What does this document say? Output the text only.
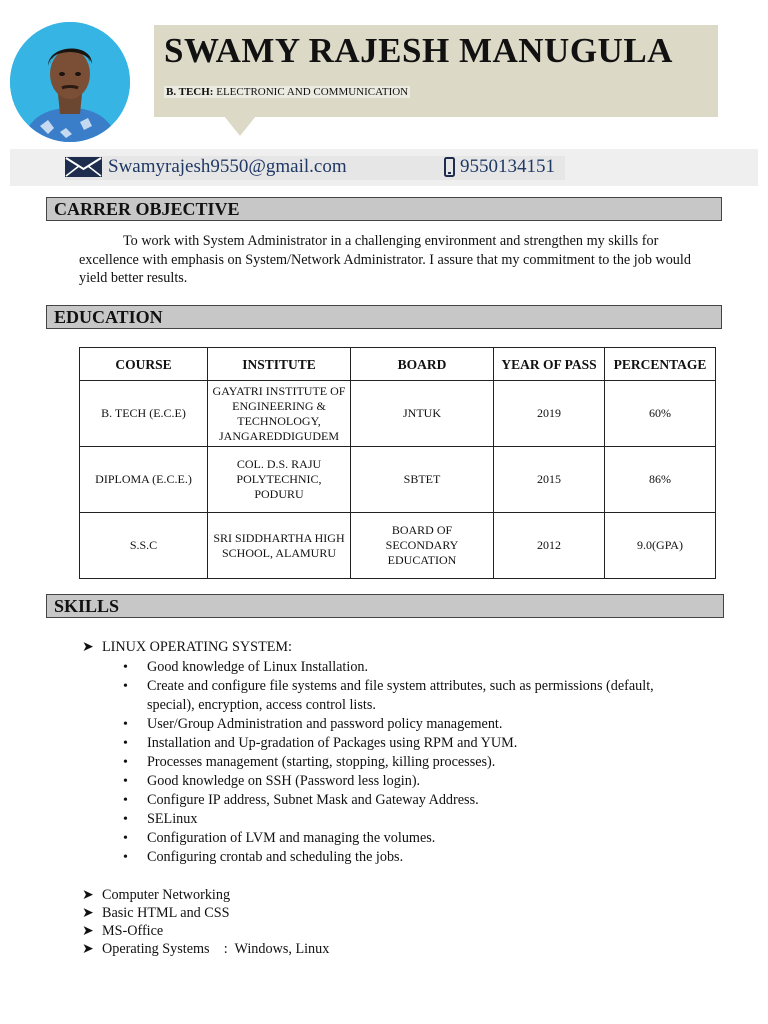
SWAMY RAJESH MANUGULA
B. TECH: ELECTRONIC AND COMMUNICATION
Swamyrajesh9550@gmail.com	9550134151
CARRER OBJECTIVE
To work with System Administrator in a challenging environment and strengthen my skills for excellence with emphasis on System/Network Administrator. I assure that my commitment to the job would yield better results.
EDUCATION
COURSE	INSTITUTE	BOARD	YEAR OF PASS	PERCENTAGE
B. TECH (E.C.E)	GAYATRI INSTITUTE OF ENGINEERING & TECHNOLOGY, JANGAREDDIGUDEM	JNTUK	2019	60%
DIPLOMA (E.C.E.)	COL. D.S. RAJU POLYTECHNIC, PODURU	SBTET	2015	86%
S.S.C	SRI SIDDHARTHA HIGH SCHOOL, ALAMURU	BOARD OF SECONDARY EDUCATION	2012	9.0(GPA)
SKILLS
➤ LINUX OPERATING SYSTEM:
• Good knowledge of Linux Installation.
• Create and configure file systems and file system attributes, such as permissions (default, special), encryption, access control lists.
• User/Group Administration and password policy management.
• Installation and Up-gradation of Packages using RPM and YUM.
• Processes management (starting, stopping, killing processes).
• Good knowledge on SSH (Password less login).
• Configure IP address, Subnet Mask and Gateway Address.
• SELinux
• Configuration of LVM and managing the volumes.
• Configuring crontab and scheduling the jobs.
➤ Computer Networking
➤ Basic HTML and CSS
➤ MS-Office
➤ Operating Systems    :  Windows, Linux
